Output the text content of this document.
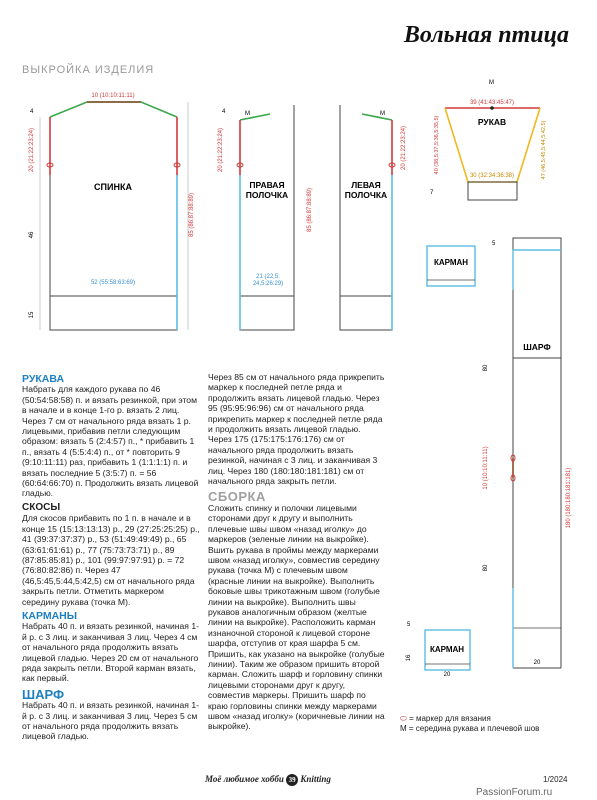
Вольная птица
ВЫКРОЙКА ИЗДЕЛИЯ
СПИНКА
10 (10:10:11:11)
52 (55:58:63:69)
4
20 (21:22:23:24)
46
15
85 (86:87:88:89)
M
ПРАВАЯ
ПОЛОЧКА
21 (22,5:
24,5:26:29)
4
20 (21:22:23:24)
85 (86:87:88:89)
M
ЛЕВАЯ
ПОЛОЧКА
20 (21:22:23:24)
M
39 (41:43:45:47)
РУКАВ
30 (32:34:36:38)
40 (38,5:37,5:36,5:35,5)	47 (46,5:45,5:44,5:42,5)
7
КАРМАН
ШАРФ
5
80
10 (10:10:11:11)
80
180 (180:180:181:181)
20
КАРМАН
16
20
5
РУКАВА

Набрать для каждого рукава по 46 (50:54:58:58) п. и вязать резинкой, при этом в начале и в конце 1-го р. вязать 2 лиц.

Через 7 см от начального ряда вязать 1 р. лицевыми, прибавив петли следующим образом: вязать 5 (2:4:57) п., * прибавить 1 п., вязать 4 (5:5:4:4) п., от * повторить 9 (9:10:11:11) раз, прибавить 1 (1:1:1:1) п. и вязать последние 5 (3:5:7) п. = 56 (60:64:66:70) п. Продолжить вязать лицевой гладью.

СКОСЫ

Для скосов прибавить по 1 п. в начале и в конце 15 (15:13:13:13) р., 29 (27:25:25:25) р., 41 (39:37:37:37) р., 53 (51:49:49:49) р., 65 (63:61:61:61) р., 77 (75:73:73:71) р., 89 (87:85:85:81) р., 101 (99:97:97:91) р. = 72 (76:80:82:86) п. Через 47 (46,5:45,5:44,5:42,5) см от начального ряда закрыть петли. Отметить маркером середину рукава (точка М).

КАРМАНЫ

Набрать 40 п. и вязать резинкой, начиная 1-й р. с 3 лиц. и заканчивая 3 лиц. Через 4 см от начального ряда продолжить вязать лицевой гладью. Через 20 см от начального ряда закрыть петли. Второй карман вязать, как первый.

ШАРФ

Набрать 40 п. и вязать резинкой, начиная 1-й р. с 3 лиц. и заканчивая 3 лиц. Через 5 см от начального ряда продолжить вязать лицевой гладью.

Через 85 см от начального ряда прикрепить маркер к последней петле ряда и продолжить вязать лицевой гладью. Через 95 (95:95:96:96) см от начального ряда прикрепить маркер к последней петле ряда и продолжить вязать лицевой гладью. Через 175 (175:175:176:176) см от начального ряда продолжить вязать резинкой, начиная с 3 лиц. и заканчивая 3 лиц. Через 180 (180:180:181:181) см от начального ряда закрыть петли.

СБОРКА

Сложить спинку и полочки лицевыми сторонами друг к другу и выполнить плечевые швы швом «назад иголку» до маркеров (зеленые линии на выкройке). Вшить рукава в проймы между маркерами швом «назад иголку», совместив середину рукава (точка М) с плечевым швом (красные линии на выкройке). Выполнить боковые швы трикотажным швом (голубые линии на выкройке). Выполнить швы рукавов аналогичным образом (желтые линии на выкройке). Расположить карман изнаночной стороной к лицевой стороне шарфа, отступив от края шарфа 5 см. Пришить, как указано на выкройке (голубые линии). Таким же образом пришить второй карман. Сложить шарф и горловину спинки лицевыми сторонами друг к другу, совместив маркеры. Пришить шарф по краю горловины спинки между маркерами швом «назад иголку» (коричневые линии на выкройке).

⬭ = маркер для вязания
М = середина рукава и плечевой шов
Моё любимое хобби 39 Knitting	1/2024
PassionForum.ru
